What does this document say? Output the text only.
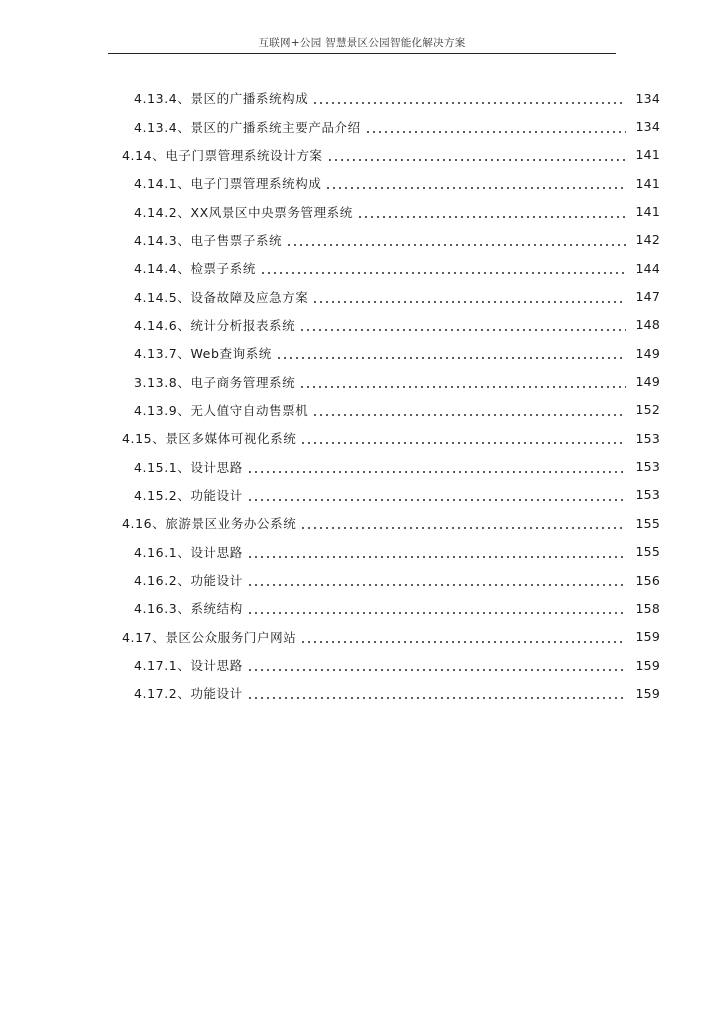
互联网+公园 智慧景区公园智能化解决方案
4.13.4、景区的广播系统构成	134
4.13.4、景区的广播系统主要产品介绍	134
4.14、电子门票管理系统设计方案	141
4.14.1、电子门票管理系统构成	141
4.14.2、XX风景区中央票务管理系统	141
4.14.3、电子售票子系统	142
4.14.4、检票子系统	144
4.14.5、设备故障及应急方案	147
4.14.6、统计分析报表系统	148
4.13.7、Web查询系统	149
3.13.8、电子商务管理系统	149
4.13.9、无人值守自动售票机	152
4.15、景区多媒体可视化系统	153
4.15.1、设计思路	153
4.15.2、功能设计	153
4.16、旅游景区业务办公系统	155
4.16.1、设计思路	155
4.16.2、功能设计	156
4.16.3、系统结构	158
4.17、景区公众服务门户网站	159
4.17.1、设计思路	159
4.17.2、功能设计	159
